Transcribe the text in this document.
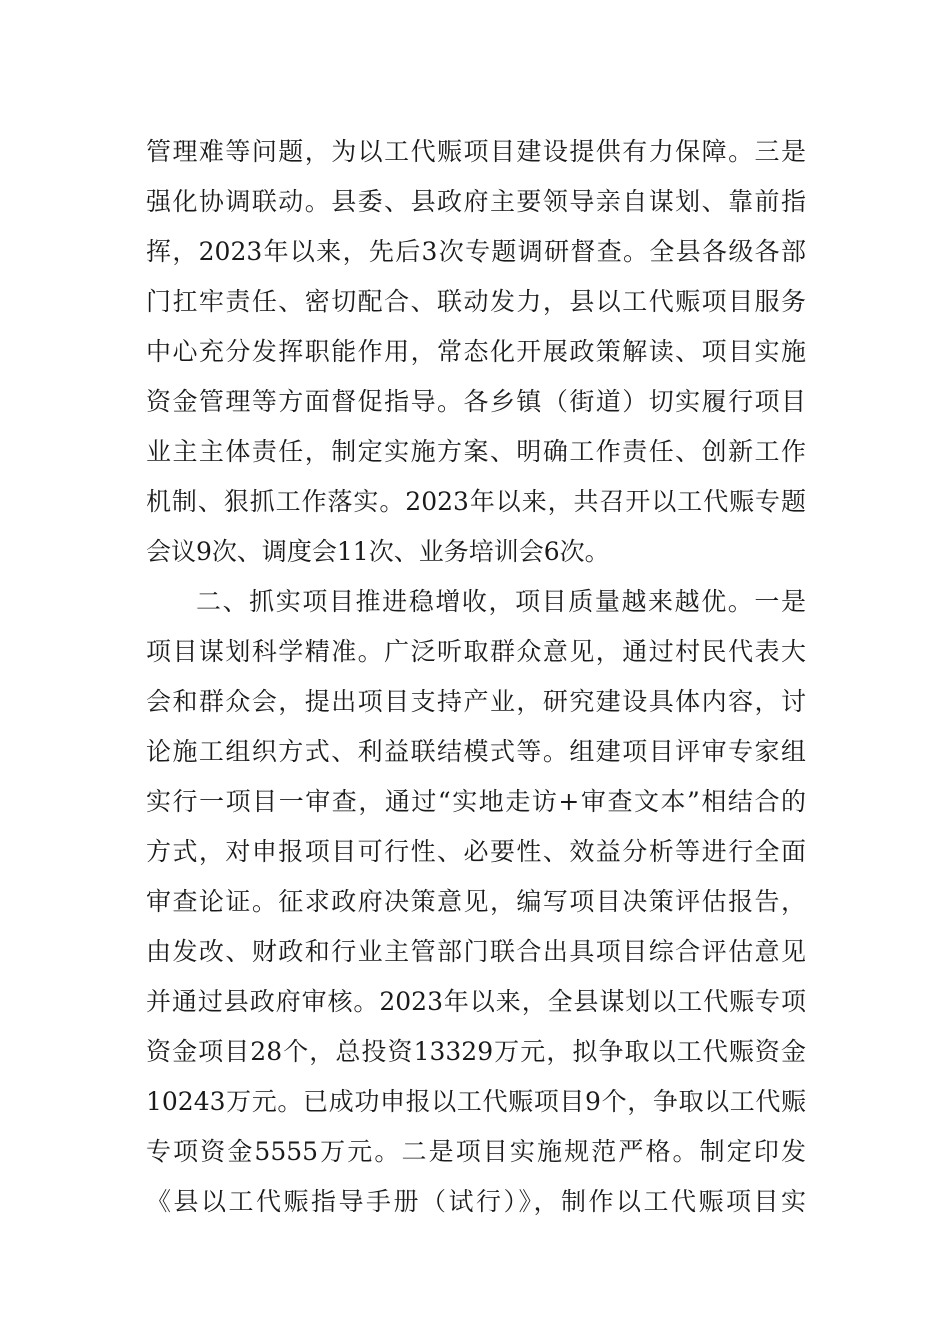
管理难等问题，为以工代赈项目建设提供有力保障。三是
强化协调联动。县委、县政府主要领导亲自谋划、靠前指
挥，2023年以来，先后3次专题调研督查。全县各级各部
门扛牢责任、密切配合、联动发力，县以工代赈项目服务
中心充分发挥职能作用，常态化开展政策解读、项目实施
资金管理等方面督促指导。各乡镇（街道）切实履行项目
业主主体责任，制定实施方案、明确工作责任、创新工作
机制、狠抓工作落实。2023年以来，共召开以工代赈专题
会议9次、调度会11次、业务培训会6次。
二、抓实项目推进稳增收，项目质量越来越优。一是
项目谋划科学精准。广泛听取群众意见，通过村民代表大
会和群众会，提出项目支持产业，研究建设具体内容，讨
论施工组织方式、利益联结模式等。组建项目评审专家组
实行一项目一审查，通过“实地走访+审查文本”相结合的
方式，对申报项目可行性、必要性、效益分析等进行全面
审查论证。征求政府决策意见，编写项目决策评估报告，
由发改、财政和行业主管部门联合出具项目综合评估意见
并通过县政府审核。2023年以来，全县谋划以工代赈专项
资金项目28个，总投资13329万元，拟争取以工代赈资金
10243万元。已成功申报以工代赈项目9个，争取以工代赈
专项资金5555万元。二是项目实施规范严格。制定印发
《县以工代赈指导手册（试行）》，制作以工代赈项目实
